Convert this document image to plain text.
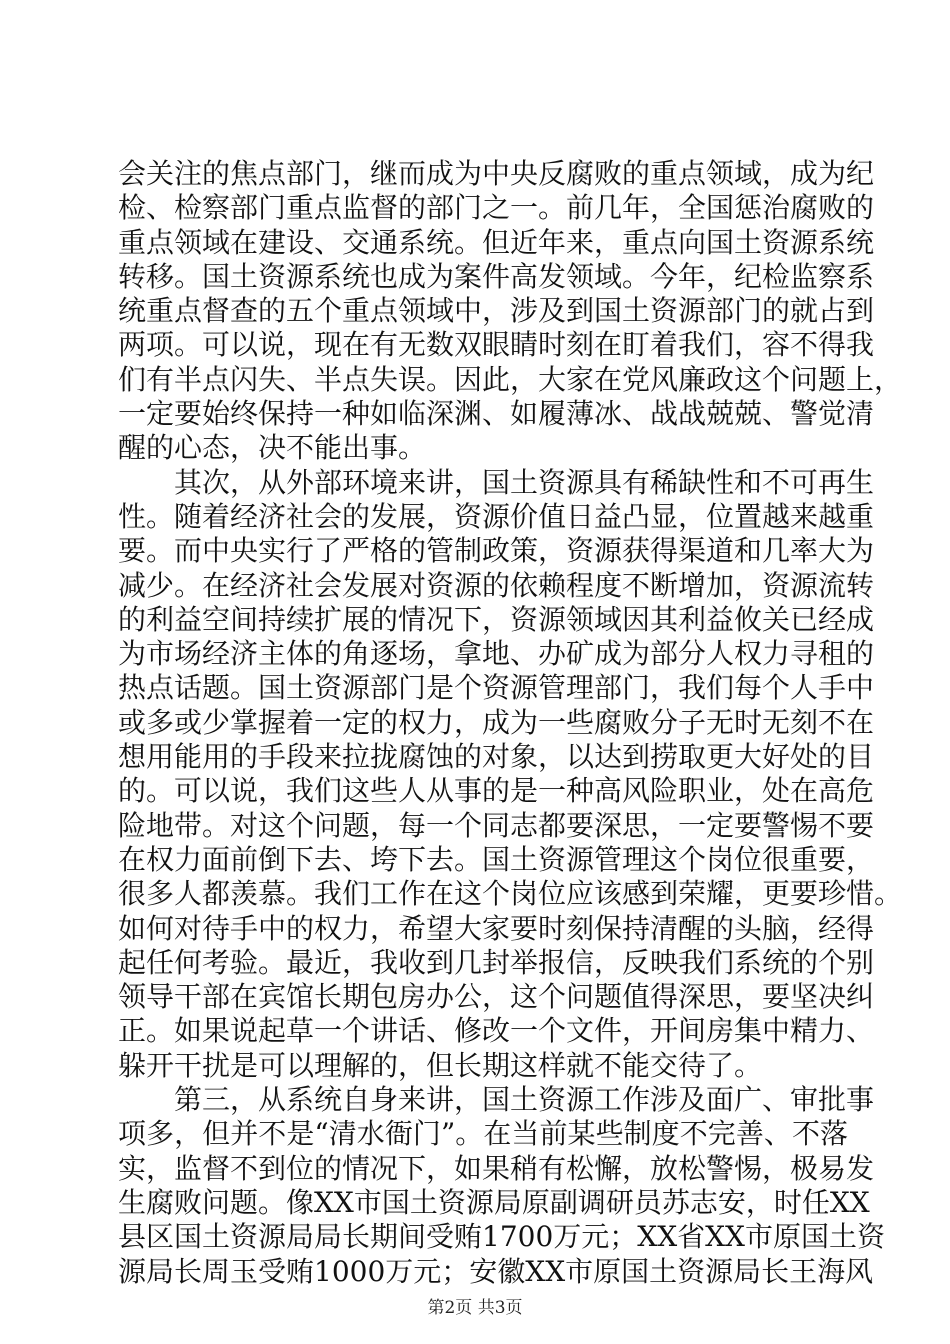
会关注的焦点部门，继而成为中央反腐败的重点领域，成为纪
检、检察部门重点监督的部门之一。前几年，全国惩治腐败的
重点领域在建设、交通系统。但近年来，重点向国土资源系统
转移。国土资源系统也成为案件高发领域。今年，纪检监察系
统重点督查的五个重点领域中，涉及到国土资源部门的就占到
两项。可以说，现在有无数双眼睛时刻在盯着我们，容不得我
们有半点闪失、半点失误。因此，大家在党风廉政这个问题上，
一定要始终保持一种如临深渊、如履薄冰、战战兢兢、警觉清
醒的心态，决不能出事。
　　其次，从外部环境来讲，国土资源具有稀缺性和不可再生
性。随着经济社会的发展，资源价值日益凸显，位置越来越重
要。而中央实行了严格的管制政策，资源获得渠道和几率大为
减少。在经济社会发展对资源的依赖程度不断增加，资源流转
的利益空间持续扩展的情况下，资源领域因其利益攸关已经成
为市场经济主体的角逐场，拿地、办矿成为部分人权力寻租的
热点话题。国土资源部门是个资源管理部门，我们每个人手中
或多或少掌握着一定的权力，成为一些腐败分子无时无刻不在
想用能用的手段来拉拢腐蚀的对象，以达到捞取更大好处的目
的。可以说，我们这些人从事的是一种高风险职业，处在高危
险地带。对这个问题，每一个同志都要深思，一定要警惕不要
在权力面前倒下去、垮下去。国土资源管理这个岗位很重要，
很多人都羡慕。我们工作在这个岗位应该感到荣耀，更要珍惜。
如何对待手中的权力，希望大家要时刻保持清醒的头脑，经得
起任何考验。最近，我收到几封举报信，反映我们系统的个别
领导干部在宾馆长期包房办公，这个问题值得深思，要坚决纠
正。如果说起草一个讲话、修改一个文件，开间房集中精力、
躲开干扰是可以理解的，但长期这样就不能交待了。
　　第三，从系统自身来讲，国土资源工作涉及面广、审批事
项多，但并不是“清水衙门”。在当前某些制度不完善、不落
实，监督不到位的情况下，如果稍有松懈，放松警惕，极易发
生腐败问题。像XX市国土资源局原副调研员苏志安，时任XX
县区国土资源局局长期间受贿1700万元；XX省XX市原国土资
源局长周玉受贿1000万元；安徽XX市原国土资源局长王海风
第2页 共3页
